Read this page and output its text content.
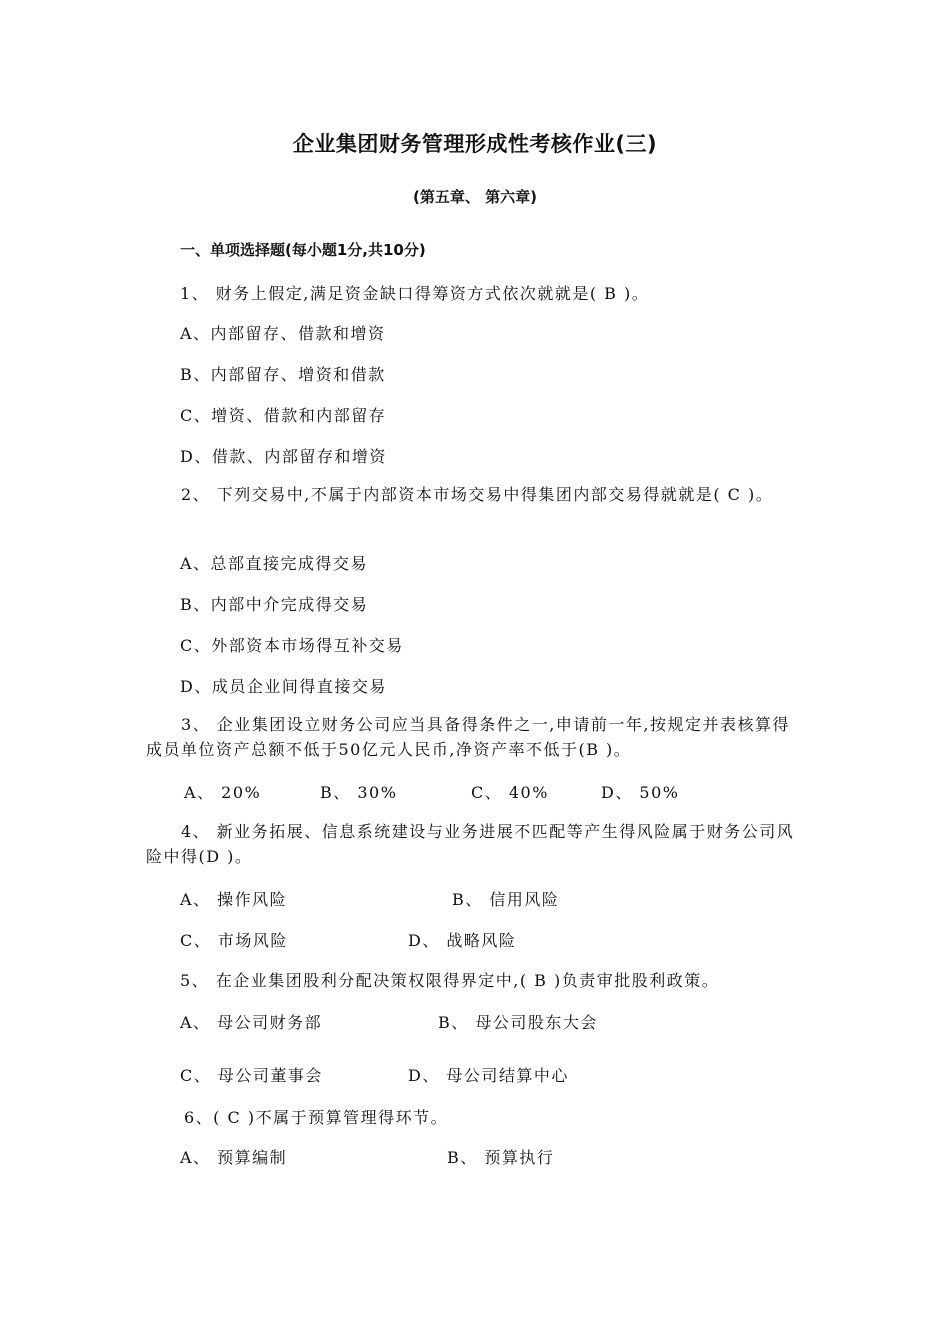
企业集团财务管理形成性考核作业(三)
(第五章、 第六章)
一、单项选择题(每小题1分,共10分)
1、 财务上假定,满足资金缺口得筹资方式依次就就是( B )。
A、内部留存、借款和增资
B、内部留存、增资和借款
C、增资、借款和内部留存
D、借款、内部留存和增资
2、 下列交易中,不属于内部资本市场交易中得集团内部交易得就就是( C )。
A、总部直接完成得交易
B、内部中介完成得交易
C、外部资本市场得互补交易
D、成员企业间得直接交易
3、 企业集团设立财务公司应当具备得条件之一,申请前一年,按规定并表核算得成员单位资产总额不低于50亿元人民币,净资产率不低于(B )。
A、 20%	B、 30%	C、 40%	D、 50%
4、 新业务拓展、信息系统建设与业务进展不匹配等产生得风险属于财务公司风险中得(D )。
A、 操作风险	B、 信用风险
C、 市场风险	D、 战略风险
5、 在企业集团股利分配决策权限得界定中,( B )负责审批股利政策。
A、 母公司财务部	B、 母公司股东大会
C、 母公司董事会	D、 母公司结算中心
6、( C )不属于预算管理得环节。
A、 预算编制	B、 预算执行
